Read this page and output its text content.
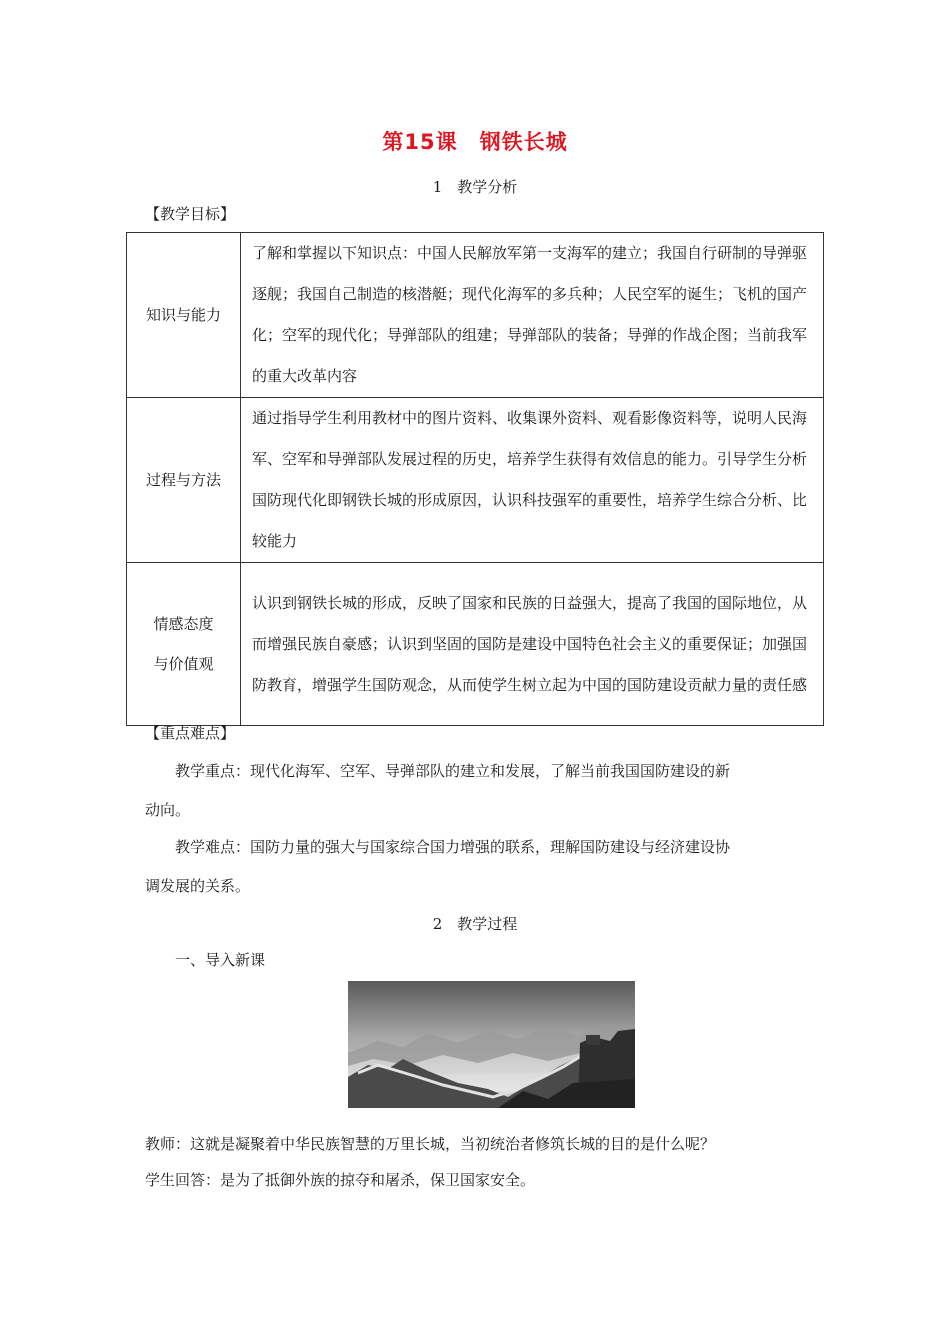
第15课　钢铁长城
1　教学分析
【教学目标】
知识与能力	了解和掌握以下知识点：中国人民解放军第一支海军的建立；我国自行研制的导弹驱逐舰；我国自己制造的核潜艇；现代化海军的多兵种；人民空军的诞生；飞机的国产化；空军的现代化；导弹部队的组建；导弹部队的装备；导弹的作战企图；当前我军的重大改革内容
过程与方法	通过指导学生利用教材中的图片资料、收集课外资料、观看影像资料等，说明人民海军、空军和导弹部队发展过程的历史，培养学生获得有效信息的能力。引导学生分析国防现代化即钢铁长城的形成原因，认识科技强军的重要性，培养学生综合分析、比较能力

情感态度
与价值观	认识到钢铁长城的形成，反映了国家和民族的日益强大，提高了我国的国际地位，从而增强民族自豪感；认识到坚固的国防是建设中国特色社会主义的重要保证；加强国防教育，增强学生国防观念，从而使学生树立起为中国的国防建设贡献力量的责任感
【重点难点】
教学重点：现代化海军、空军、导弹部队的建立和发展，了解当前我国国防建设的新
动向。
教学难点：国防力量的强大与国家综合国力增强的联系，理解国防建设与经济建设协
调发展的关系。
2　教学过程
一、导入新课
教师：这就是凝聚着中华民族智慧的万里长城，当初统治者修筑长城的目的是什么呢？
学生回答：是为了抵御外族的掠夺和屠杀，保卫国家安全。
